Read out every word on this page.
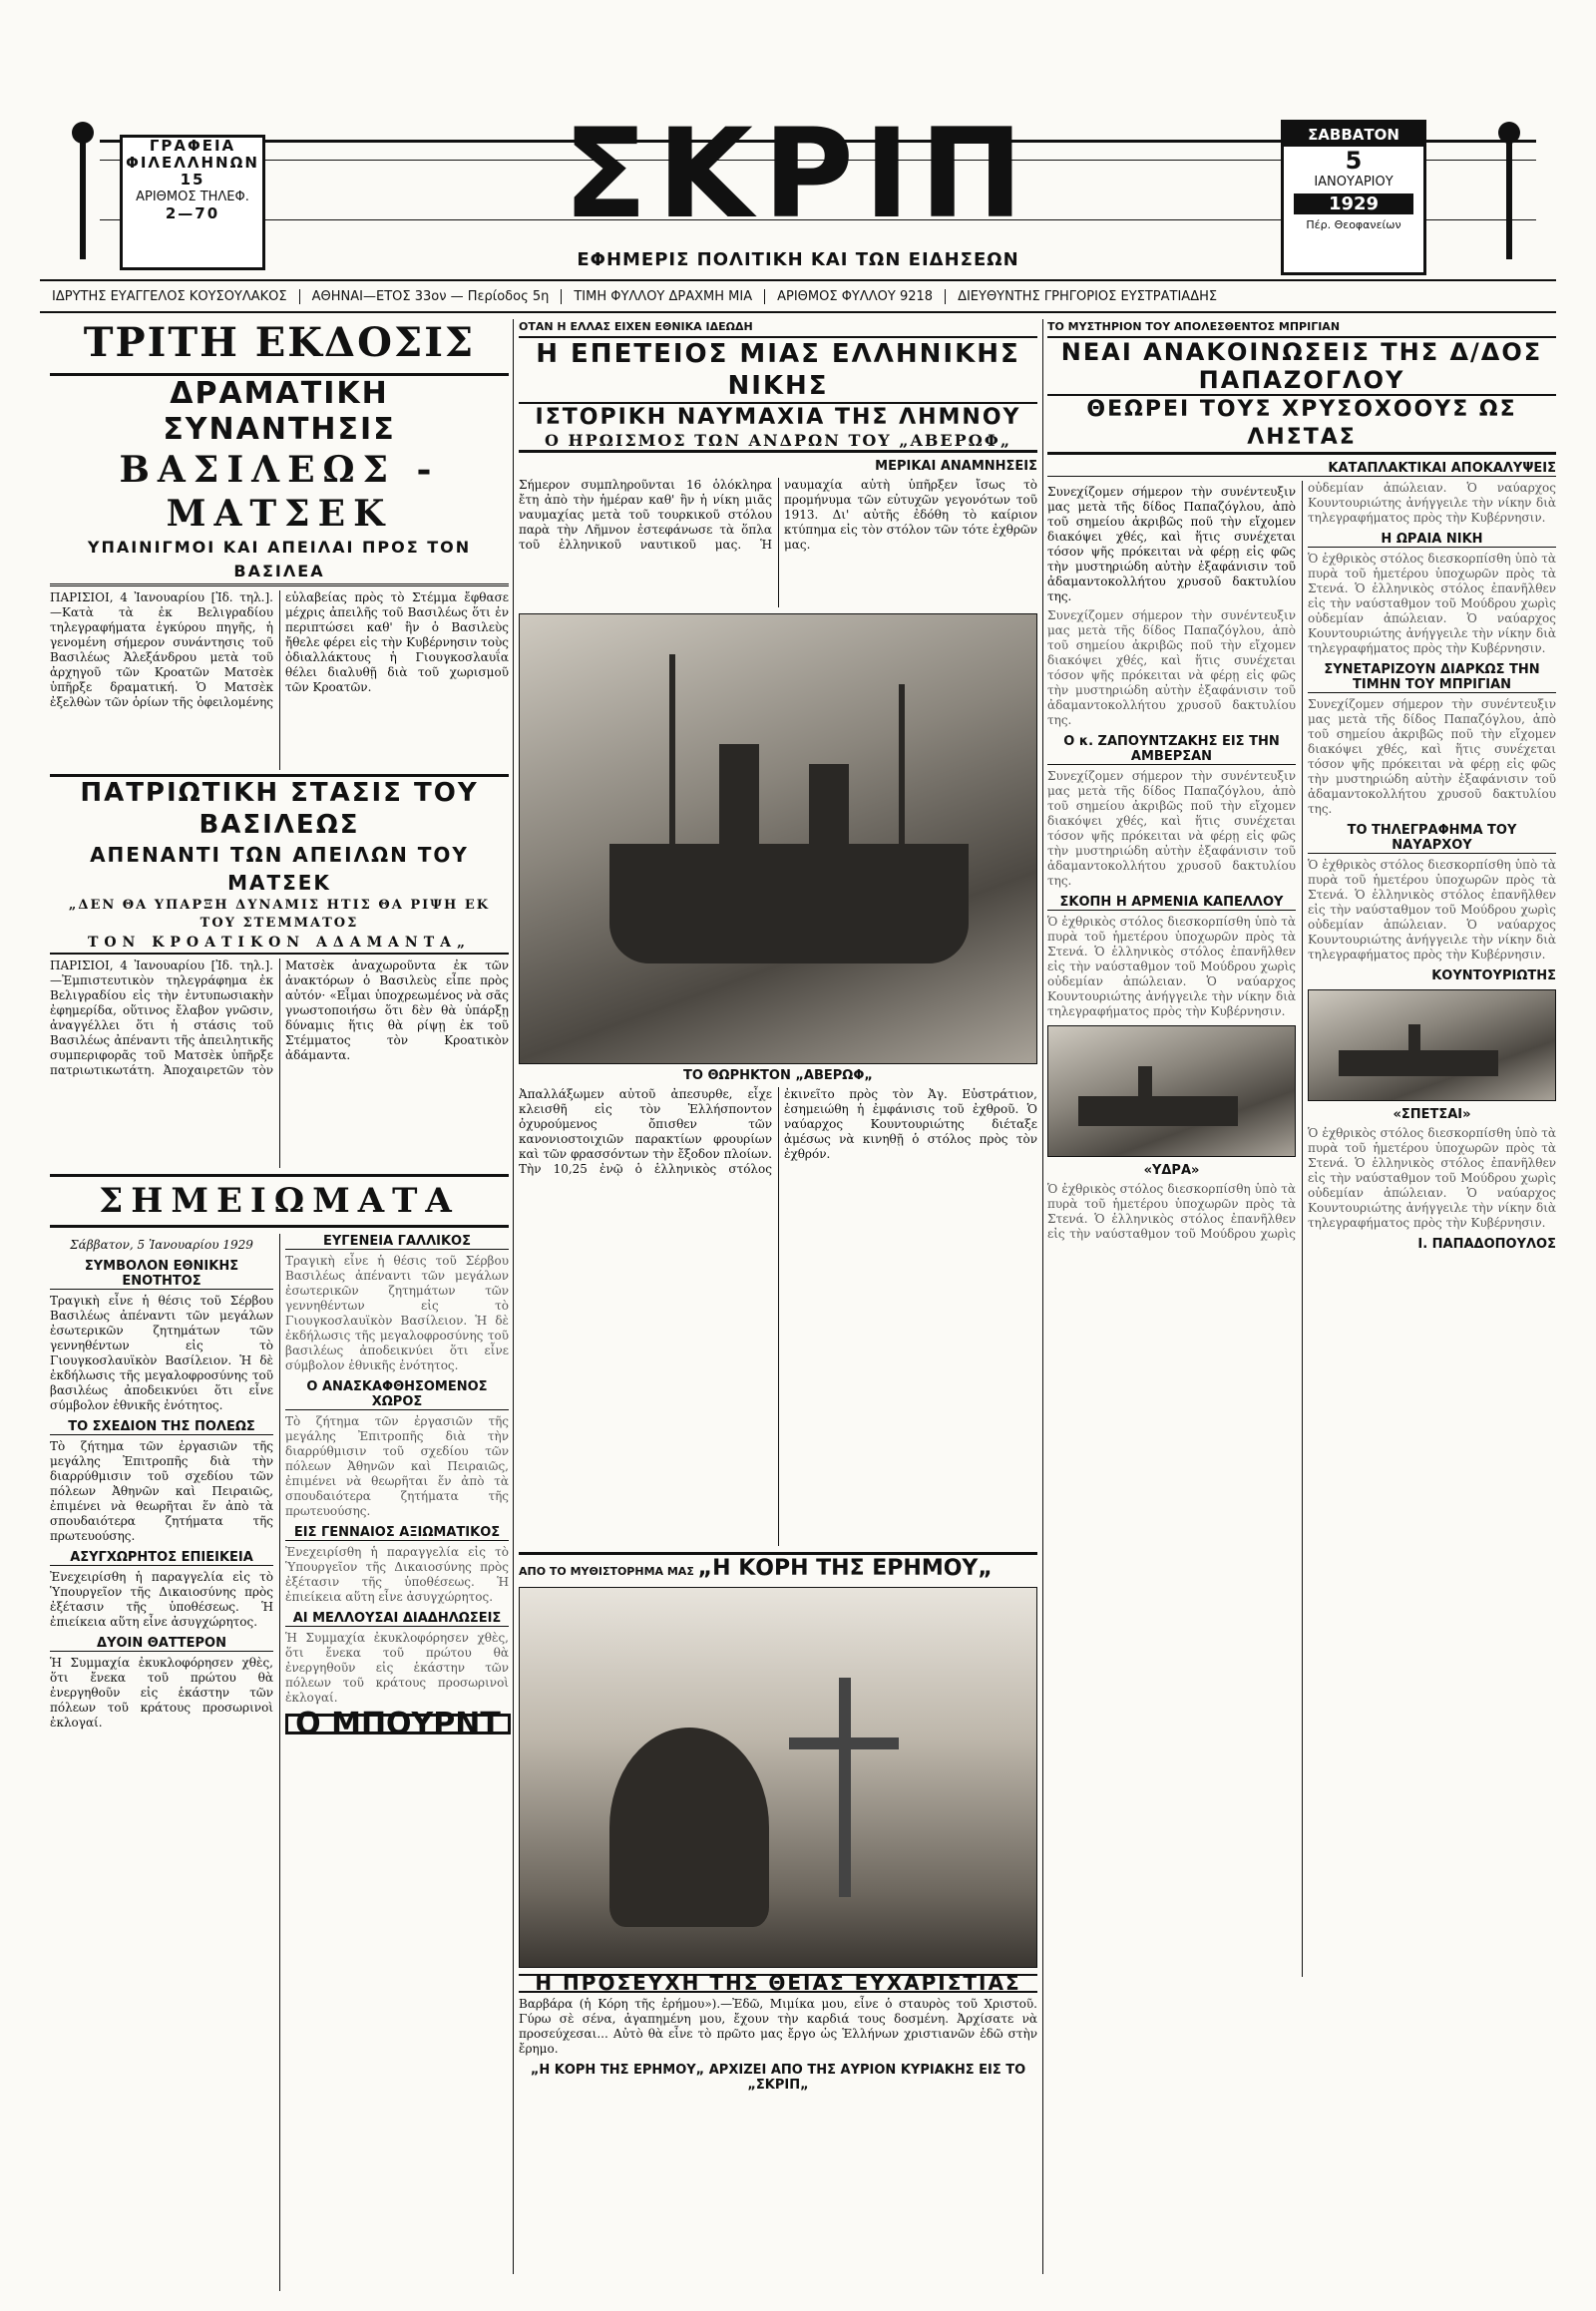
ΓΡΑΦΕΙΑ
ΦΙΛΕΛΛΗΝΩΝ 15
ΑΡΙΘΜΟΣ ΤΗΛΕΦ.
2—70	ΣΚΡΙΠ
ΕΦΗΜΕΡΙΣ ΠΟΛΙΤΙΚΗ ΚΑΙ ΤΩΝ ΕΙΔΗΣΕΩΝ
ΣΑΒΒΑΤΟΝ
5
ΙΑΝΟΥΑΡΙΟΥ
1929
Πέρ. Θεοφανείων
ΙΔΡΥΤΗΣ ΕΥΑΓΓΕΛΟΣ ΚΟΥΣΟΥΛΑΚΟΣ	ΑΘΗΝΑΙ—ΕΤΟΣ 33ον — Περίοδος 5η	ΤΙΜΗ ΦΥΛΛΟΥ ΔΡΑΧΜΗ ΜΙΑ	ΑΡΙΘΜΟΣ ΦΥΛΛΟΥ 9218	ΔΙΕΥΘΥΝΤΗΣ ΓΡΗΓΟΡΙΟΣ ΕΥΣΤΡΑΤΙΑΔΗΣ
ΤΡΙΤΗ ΕΚΔΟΣΙΣ
ΔΡΑΜΑΤΙΚΗ ΣΥΝΑΝΤΗΣΙΣ
ΒΑΣΙΛΕΩΣ - ΜΑΤΣΕΚ
ΥΠΑΙΝΙΓΜΟΙ ΚΑΙ ΑΠΕΙΛΑΙ ΠΡΟΣ ΤΟΝ ΒΑΣΙΛΕΑ
ΠΑΡΙΣΙΟΙ, 4 Ἰανουαρίου [Ἰδ. τηλ.].—Κατὰ τὰ ἐκ Βελιγραδίου τηλεγραφήματα ἐγκύρου πηγῆς, ἡ γενομένη σήμερον συνάντησις τοῦ Βασιλέως Ἀλεξάνδρου μετὰ τοῦ ἀρχηγοῦ τῶν Κροατῶν Ματσὲκ ὑπῆρξε δραματική. Ὁ Ματσὲκ ἐξελθὼν τῶν ὁρίων τῆς ὀφειλομένης εὐλαβείας πρὸς τὸ Στέμμα ἔφθασε μέχρις ἀπειλῆς τοῦ Βασιλέως ὅτι ἐν περιπτώσει καθ' ἣν ὁ Βασιλεὺς ἤθελε φέρει εἰς τὴν Κυβέρνησιν τοὺς ὀδιαλλάκτους ἡ Γιουγκοσλαυΐα θέλει διαλυθῇ διὰ τοῦ χωρισμοῦ τῶν Κροατῶν.
ΠΑΤΡΙΩΤΙΚΗ ΣΤΑΣΙΣ ΤΟΥ ΒΑΣΙΛΕΩΣ
ΑΠΕΝΑΝΤΙ ΤΩΝ ΑΠΕΙΛΩΝ ΤΟΥ ΜΑΤΣΕΚ
„ΔΕΝ ΘΑ ΥΠΑΡΞΗ ΔΥΝΑΜΙΣ ΗΤΙΣ ΘΑ ΡΙΨΗ ΕΚ ΤΟΥ ΣΤΕΜΜΑΤΟΣ
ΤΟΝ ΚΡΟΑΤΙΚΟΝ ΑΔΑΜΑΝΤΑ„
ΠΑΡΙΣΙΟΙ, 4 Ἰανουαρίου [Ἰδ. τηλ.].—Ἐμπιστευτικὸν τηλεγράφημα ἐκ Βελιγραδίου εἰς τὴν ἐντυπωσιακὴν ἐφημερίδα, οὕτινος ἔλαβον γνῶσιν, ἀναγγέλλει ὅτι ἡ στάσις τοῦ Βασιλέως ἀπέναντι τῆς ἀπειλητικῆς συμπεριφορᾶς τοῦ Ματσὲκ ὑπῆρξε πατριωτικωτάτη. Ἀποχαιρετῶν τὸν Ματσὲκ ἀναχωροῦντα ἐκ τῶν ἀνακτόρων ὁ Βασιλεὺς εἶπε πρὸς αὐτόν· «Εἶμαι ὑποχρεωμένος νὰ σᾶς γνωστοποιήσω ὅτι δὲν θὰ ὑπάρξῃ δύναμις ἥτις θὰ ρίψῃ ἐκ τοῦ Στέμματος τὸν Κροατικὸν ἀδάμαντα.
ΣΗΜΕΙΩΜΑΤΑ
Σάββατον, 5 Ἰανουαρίου 1929
ΣΥΜΒΟΛΟΝ ΕΘΝΙΚΗΣ ΕΝΟΤΗΤΟΣ
Τραγικὴ εἶνε ἡ θέσις τοῦ Σέρβου Βασιλέως ἀπέναντι τῶν μεγάλων ἐσωτερικῶν ζητημάτων τῶν γεννηθέντων εἰς τὸ Γιουγκοσλαυϊκὸν Βασίλειον. Ἡ δὲ ἐκδήλωσις τῆς μεγαλοφροσύνης τοῦ βασιλέως ἀποδεικνύει ὅτι εἶνε σύμβολον ἐθνικῆς ἐνότητος.
ΤΟ ΣΧΕΔΙΟΝ ΤΗΣ ΠΟΛΕΩΣ
Τὸ ζήτημα τῶν ἐργασιῶν τῆς μεγάλης Ἐπιτροπῆς διὰ τὴν διαρρύθμισιν τοῦ σχεδίου τῶν πόλεων Ἀθηνῶν καὶ Πειραιῶς, ἐπιμένει νὰ θεωρῆται ἕν ἀπὸ τὰ σπουδαιότερα ζητήματα τῆς πρωτευούσης.
ΑΣΥΓΧΩΡΗΤΟΣ ΕΠΙΕΙΚΕΙΑ
Ἐνεχειρίσθη ἡ παραγγελία εἰς τὸ Ὑπουργεῖον τῆς Δικαιοσύνης πρὸς ἐξέτασιν τῆς ὑποθέσεως. Ἡ ἐπιείκεια αὕτη εἶνε ἀσυγχώρητος.
ΔΥΟΙΝ ΘΑΤΤΕΡΟΝ
Ἡ Συμμαχία ἐκυκλοφόρησεν χθὲς, ὅτι ἔνεκα τοῦ πρώτου θὰ ἐνεργηθοῦν εἰς ἑκάστην τῶν πόλεων τοῦ κράτους προσωρινοὶ ἐκλογαί.
ΕΥΓΕΝΕΙΑ ΓΑΛΛΙΚΟΣ
Τραγικὴ εἶνε ἡ θέσις τοῦ Σέρβου Βασιλέως ἀπέναντι τῶν μεγάλων ἐσωτερικῶν ζητημάτων τῶν γεννηθέντων εἰς τὸ Γιουγκοσλαυϊκὸν Βασίλειον. Ἡ δὲ ἐκδήλωσις τῆς μεγαλοφροσύνης τοῦ βασιλέως ἀποδεικνύει ὅτι εἶνε σύμβολον ἐθνικῆς ἐνότητος.
Ο ΑΝΑΣΚΑΦΘΗΣΟΜΕΝΟΣ ΧΩΡΟΣ
Τὸ ζήτημα τῶν ἐργασιῶν τῆς μεγάλης Ἐπιτροπῆς διὰ τὴν διαρρύθμισιν τοῦ σχεδίου τῶν πόλεων Ἀθηνῶν καὶ Πειραιῶς, ἐπιμένει νὰ θεωρῆται ἕν ἀπὸ τὰ σπουδαιότερα ζητήματα τῆς πρωτευούσης.
ΕΙΣ ΓΕΝΝΑΙΟΣ ΑΞΙΩΜΑΤΙΚΟΣ
Ἐνεχειρίσθη ἡ παραγγελία εἰς τὸ Ὑπουργεῖον τῆς Δικαιοσύνης πρὸς ἐξέτασιν τῆς ὑποθέσεως. Ἡ ἐπιείκεια αὕτη εἶνε ἀσυγχώρητος.
ΑΙ ΜΕΛΛΟΥΣΑΙ ΔΙΑΔΗΛΩΣΕΙΣ
Ἡ Συμμαχία ἐκυκλοφόρησεν χθὲς, ὅτι ἔνεκα τοῦ πρώτου θὰ ἐνεργηθοῦν εἰς ἑκάστην τῶν πόλεων τοῦ κράτους προσωρινοὶ ἐκλογαί.
Ο ΜΠΟΥΡΝΤ
ΟΤΑΝ Η ΕΛΛΑΣ ΕΙΧΕΝ ΕΘΝΙΚΑ ΙΔΕΩΔΗ
Η ΕΠΕΤΕΙΟΣ ΜΙΑΣ ΕΛΛΗΝΙΚΗΣ ΝΙΚΗΣ
ΙΣΤΟΡΙΚΗ ΝΑΥΜΑΧΙΑ ΤΗΣ ΛΗΜΝΟΥ
Ο ΗΡΩΙΣΜΟΣ ΤΩΝ ΑΝΔΡΩΝ ΤΟΥ „ΑΒΕΡΩΦ„
ΜΕΡΙΚΑΙ ΑΝΑΜΝΗΣΕΙΣ
Σήμερον συμπληροῦνται 16 ὁλόκληρα ἔτη ἀπὸ τὴν ἡμέραν καθ' ἣν ἡ νίκη μιᾶς ναυμαχίας μετὰ τοῦ τουρκικοῦ στόλου παρὰ τὴν Λῆμνον ἐστεφάνωσε τὰ ὅπλα τοῦ ἑλληνικοῦ ναυτικοῦ μας. Ἡ ναυμαχία αὐτὴ ὑπῆρξεν ἴσως τὸ προμήνυμα τῶν εὐτυχῶν γεγονότων τοῦ 1913. Δι' αὐτῆς ἐδόθη τὸ καίριον κτύπημα εἰς τὸν στόλον τῶν τότε ἐχθρῶν μας.
ΤΟ ΘΩΡΗΚΤΟΝ „ΑΒΕΡΩΦ„
Ἀπαλλάξωμεν αὐτοῦ ἀπεσυρθε, εἶχε κλεισθῆ εἰς τὸν Ἑλλήσποντον ὀχυρούμενος ὄπισθεν τῶν κανονιοστοιχιῶν παρακτίων φρουρίων καὶ τῶν φρασσόντων τὴν ἔξοδον πλοίων. Τὴν 10,25 ἐνῷ ὁ ἑλληνικὸς στόλος ἐκινεῖτο πρὸς τὸν Ἀγ. Εὐστράτιον, ἐσημειώθη ἡ ἐμφάνισις τοῦ ἐχθροῦ. Ὁ ναύαρχος Κουντουριώτης διέταξε ἀμέσως νὰ κινηθῇ ὁ στόλος πρὸς τὸν ἐχθρόν.
ΑΠΟ ΤΟ ΜΥΘΙΣΤΟΡΗΜΑ ΜΑΣ „Η ΚΟΡΗ ΤΗΣ ΕΡΗΜΟΥ„
Η ΠΡΟΣΕΥΧΗ ΤΗΣ ΘΕΙΑΣ ΕΥΧΑΡΙΣΤΙΑΣ
Βαρβάρα (ἡ Κόρη τῆς ἐρήμου»).—Ἐδῶ, Μιμίκα μου, εἶνε ὁ σταυρὸς τοῦ Χριστοῦ. Γύρω σὲ σένα, ἀγαπημένη μου, ἔχουν τὴν καρδιά τους δοσμένη. Ἀρχίσατε νὰ προσεύχεσαι... Αὐτὸ θὰ εἶνε τὸ πρῶτο μας ἔργο ὡς Ἑλλήνων χριστιανῶν ἐδῶ στὴν ἔρημο.
„Η ΚΟΡΗ ΤΗΣ ΕΡΗΜΟΥ„ ΑΡΧΙΖΕΙ ΑΠΟ ΤΗΣ ΑΥΡΙΟΝ ΚΥΡΙΑΚΗΣ ΕΙΣ ΤΟ „ΣΚΡΙΠ„
ΤΟ ΜΥΣΤΗΡΙΟΝ ΤΟΥ ΑΠΟΛΕΣΘΕΝΤΟΣ ΜΠΡΙΓΙΑΝ
ΝΕΑΙ ΑΝΑΚΟΙΝΩΣΕΙΣ ΤΗΣ Δ/ΔΟΣ ΠΑΠΑΖΟΓΛΟΥ
ΘΕΩΡΕΙ ΤΟΥΣ ΧΡΥΣΟΧΟΟΥΣ ΩΣ ΛΗΣΤΑΣ
ΚΑΤΑΠΛΑΚΤΙΚΑΙ ΑΠΟΚΑΛΥΨΕΙΣ
Συνεχίζομεν σήμερον τὴν συνέντευξιν μας μετὰ τῆς δίδος Παπαζόγλου, ἀπὸ τοῦ σημείου ἀκριβῶς ποῦ τὴν εἴχομεν διακόψει χθές, καὶ ἥτις συνέχεται τόσον ψῆς πρόκειται νὰ φέρῃ εἰς φῶς τὴν μυστηριώδη αὐτὴν ἐξαφάνισιν τοῦ ἀδαμαντοκολλήτου χρυσοῦ δακτυλίου της.
Συνεχίζομεν σήμερον τὴν συνέντευξιν μας μετὰ τῆς δίδος Παπαζόγλου, ἀπὸ τοῦ σημείου ἀκριβῶς ποῦ τὴν εἴχομεν διακόψει χθές, καὶ ἥτις συνέχεται τόσον ψῆς πρόκειται νὰ φέρῃ εἰς φῶς τὴν μυστηριώδη αὐτὴν ἐξαφάνισιν τοῦ ἀδαμαντοκολλήτου χρυσοῦ δακτυλίου της.
Ο κ. ΖΑΠΟΥΝΤΖΑΚΗΣ ΕΙΣ ΤΗΝ ΑΜΒΕΡΣΑΝ
Συνεχίζομεν σήμερον τὴν συνέντευξιν μας μετὰ τῆς δίδος Παπαζόγλου, ἀπὸ τοῦ σημείου ἀκριβῶς ποῦ τὴν εἴχομεν διακόψει χθές, καὶ ἥτις συνέχεται τόσον ψῆς πρόκειται νὰ φέρῃ εἰς φῶς τὴν μυστηριώδη αὐτὴν ἐξαφάνισιν τοῦ ἀδαμαντοκολλήτου χρυσοῦ δακτυλίου της.
ΣΚΟΠΗ Η ΑΡΜΕΝΙΑ ΚΑΠΕΛΛΟΥ
Ὁ ἐχθρικὸς στόλος διεσκορπίσθη ὑπὸ τὰ πυρὰ τοῦ ἡμετέρου ὑποχωρῶν πρὸς τὰ Στενά. Ὁ ἑλληνικὸς στόλος ἐπανῆλθεν εἰς τὴν ναύσταθμον τοῦ Μούδρου χωρὶς οὐδεμίαν ἀπώλειαν. Ὁ ναύαρχος Κουντουριώτης ἀνήγγειλε τὴν νίκην διὰ τηλεγραφήματος πρὸς τὴν Κυβέρνησιν.
«ΥΔΡΑ»
Ὁ ἐχθρικὸς στόλος διεσκορπίσθη ὑπὸ τὰ πυρὰ τοῦ ἡμετέρου ὑποχωρῶν πρὸς τὰ Στενά. Ὁ ἑλληνικὸς στόλος ἐπανῆλθεν εἰς τὴν ναύσταθμον τοῦ Μούδρου χωρὶς οὐδεμίαν ἀπώλειαν. Ὁ ναύαρχος Κουντουριώτης ἀνήγγειλε τὴν νίκην διὰ τηλεγραφήματος πρὸς τὴν Κυβέρνησιν.
Η ΩΡΑΙΑ ΝΙΚΗ
Ὁ ἐχθρικὸς στόλος διεσκορπίσθη ὑπὸ τὰ πυρὰ τοῦ ἡμετέρου ὑποχωρῶν πρὸς τὰ Στενά. Ὁ ἑλληνικὸς στόλος ἐπανῆλθεν εἰς τὴν ναύσταθμον τοῦ Μούδρου χωρὶς οὐδεμίαν ἀπώλειαν. Ὁ ναύαρχος Κουντουριώτης ἀνήγγειλε τὴν νίκην διὰ τηλεγραφήματος πρὸς τὴν Κυβέρνησιν.
ΣΥΝΕΤΑΡΙΖΟΥΝ ΔΙΑΡΚΩΣ ΤΗΝ ΤΙΜΗΝ ΤΟΥ ΜΠΡΙΓΙΑΝ
Συνεχίζομεν σήμερον τὴν συνέντευξιν μας μετὰ τῆς δίδος Παπαζόγλου, ἀπὸ τοῦ σημείου ἀκριβῶς ποῦ τὴν εἴχομεν διακόψει χθές, καὶ ἥτις συνέχεται τόσον ψῆς πρόκειται νὰ φέρῃ εἰς φῶς τὴν μυστηριώδη αὐτὴν ἐξαφάνισιν τοῦ ἀδαμαντοκολλήτου χρυσοῦ δακτυλίου της.
ΤΟ ΤΗΛΕΓΡΑΦΗΜΑ ΤΟΥ ΝΑΥΑΡΧΟΥ
Ὁ ἐχθρικὸς στόλος διεσκορπίσθη ὑπὸ τὰ πυρὰ τοῦ ἡμετέρου ὑποχωρῶν πρὸς τὰ Στενά. Ὁ ἑλληνικὸς στόλος ἐπανῆλθεν εἰς τὴν ναύσταθμον τοῦ Μούδρου χωρὶς οὐδεμίαν ἀπώλειαν. Ὁ ναύαρχος Κουντουριώτης ἀνήγγειλε τὴν νίκην διὰ τηλεγραφήματος πρὸς τὴν Κυβέρνησιν.
ΚΟΥΝΤΟΥΡΙΩΤΗΣ
«ΣΠΕΤΣΑΙ»
Ὁ ἐχθρικὸς στόλος διεσκορπίσθη ὑπὸ τὰ πυρὰ τοῦ ἡμετέρου ὑποχωρῶν πρὸς τὰ Στενά. Ὁ ἑλληνικὸς στόλος ἐπανῆλθεν εἰς τὴν ναύσταθμον τοῦ Μούδρου χωρὶς οὐδεμίαν ἀπώλειαν. Ὁ ναύαρχος Κουντουριώτης ἀνήγγειλε τὴν νίκην διὰ τηλεγραφήματος πρὸς τὴν Κυβέρνησιν.
Ι. ΠΑΠΑΔΟΠΟΥΛΟΣ
